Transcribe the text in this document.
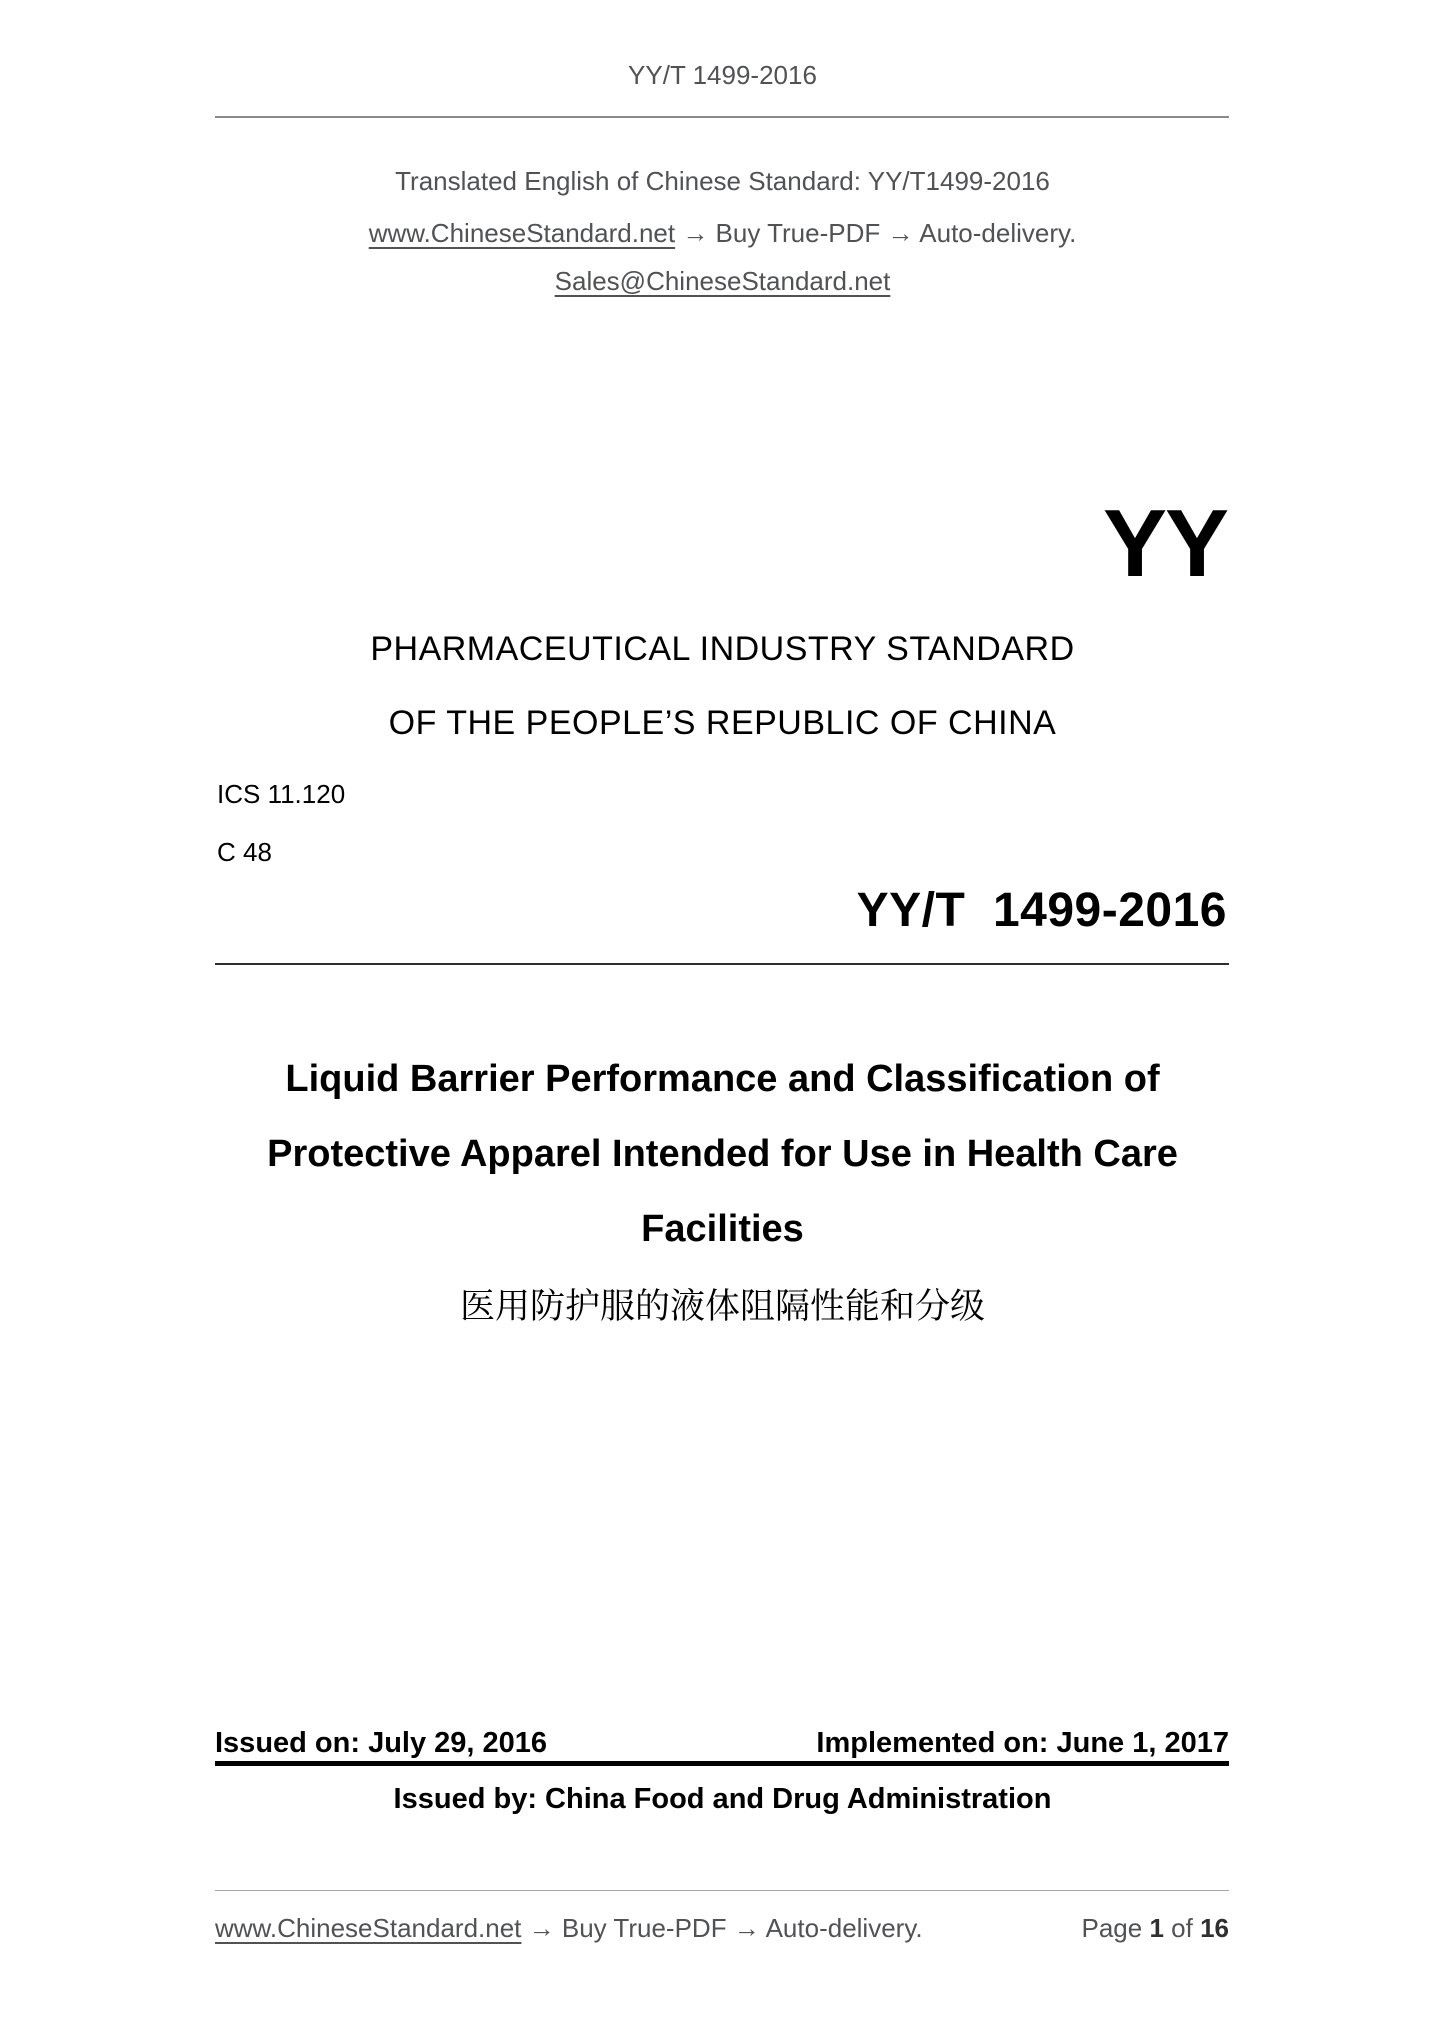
YY/T 1499-2016
Translated English of Chinese Standard: YY/T1499-2016
www.ChineseStandard.net → Buy True-PDF → Auto-delivery.
Sales@ChineseStandard.net
YY
PHARMACEUTICAL INDUSTRY STANDARD
OF THE PEOPLE’S REPUBLIC OF CHINA
ICS 11.120
C 48
YY/T  1499-2016
Liquid Barrier Performance and Classification of
Protective Apparel Intended for Use in Health Care
Facilities
医用防护服的液体阻隔性能和分级
Issued on: July 29, 2016	Implemented on: June 1, 2017
Issued by: China Food and Drug Administration
www.ChineseStandard.net → Buy True-PDF → Auto-delivery.	Page 1 of 16
